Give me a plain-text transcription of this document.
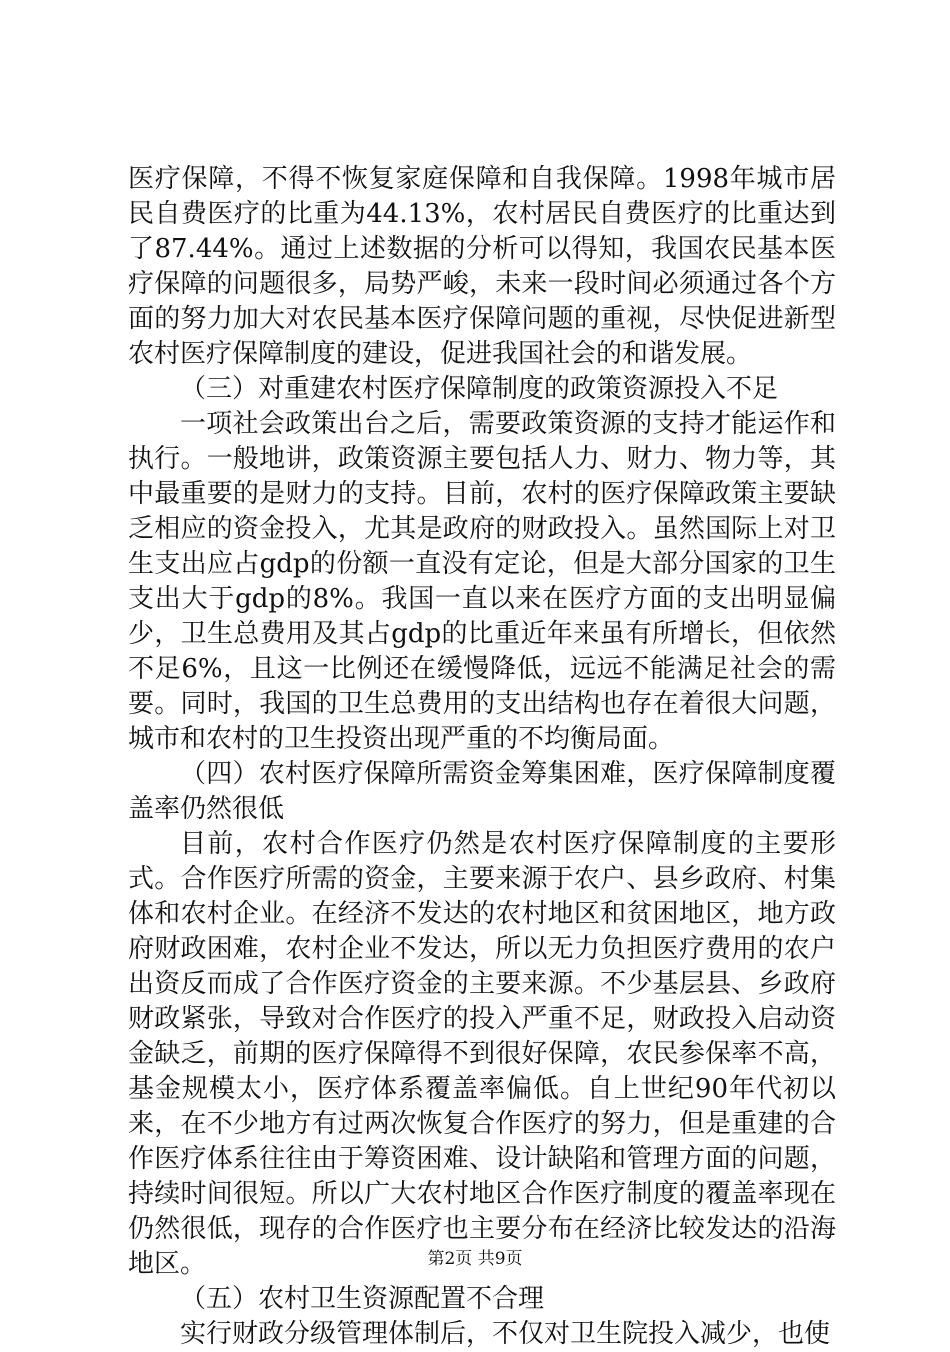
医疗保障，不得不恢复家庭保障和自我保障。1998年城市居民自费医疗的比重为44.13%，农村居民自费医疗的比重达到了87.44%。通过上述数据的分析可以得知，我国农民基本医疗保障的问题很多，局势严峻，未来一段时间必须通过各个方面的努力加大对农民基本医疗保障问题的重视，尽快促进新型农村医疗保障制度的建设，促进我国社会的和谐发展。

（三）对重建农村医疗保障制度的政策资源投入不足

一项社会政策出台之后，需要政策资源的支持才能运作和执行。一般地讲，政策资源主要包括人力、财力、物力等，其中最重要的是财力的支持。目前，农村的医疗保障政策主要缺乏相应的资金投入，尤其是政府的财政投入。虽然国际上对卫生支出应占gdp的份额一直没有定论，但是大部分国家的卫生支出大于gdp的8%。我国一直以来在医疗方面的支出明显偏少，卫生总费用及其占gdp的比重近年来虽有所增长，但依然不足6%，且这一比例还在缓慢降低，远远不能满足社会的需要。同时，我国的卫生总费用的支出结构也存在着很大问题，城市和农村的卫生投资出现严重的不均衡局面。

（四）农村医疗保障所需资金筹集困难，医疗保障制度覆盖率仍然很低

目前，农村合作医疗仍然是农村医疗保障制度的主要形式。合作医疗所需的资金，主要来源于农户、县乡政府、村集体和农村企业。在经济不发达的农村地区和贫困地区，地方政府财政困难，农村企业不发达，所以无力负担医疗费用的农户出资反而成了合作医疗资金的主要来源。不少基层县、乡政府财政紧张，导致对合作医疗的投入严重不足，财政投入启动资金缺乏，前期的医疗保障得不到很好保障，农民参保率不高，基金规模太小，医疗体系覆盖率偏低。自上世纪90年代初以来，在不少地方有过两次恢复合作医疗的努力，但是重建的合作医疗体系往往由于筹资困难、设计缺陷和管理方面的问题，持续时间很短。所以广大农村地区合作医疗制度的覆盖率现在仍然很低，现存的合作医疗也主要分布在经济比较发达的沿海地区。

（五）农村卫生资源配置不合理

实行财政分级管理体制后，不仅对卫生院投入减少，也使

第2页 共9页
